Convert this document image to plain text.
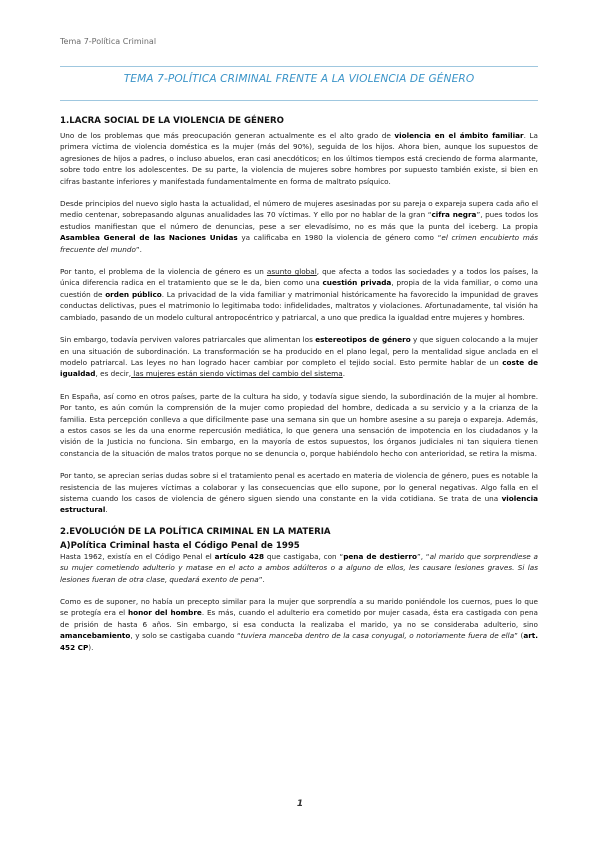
Tema 7-Política Criminal
TEMA 7-POLÍTICA CRIMINAL FRENTE A LA VIOLENCIA DE GÉNERO
1.LACRA SOCIAL DE LA VIOLENCIA DE GÉNERO

Uno de los problemas que más preocupación generan actualmente es el alto grado de violencia en el ámbito familiar. La primera víctima de violencia doméstica es la mujer (más del 90%), seguida de los hijos. Ahora bien, aunque los supuestos de agresiones de hijos a padres, o incluso abuelos, eran casi anecdóticos; en los últimos tiempos está creciendo de forma alarmante, sobre todo entre los adolescentes. De su parte, la violencia de mujeres sobre hombres por supuesto también existe, si bien en cifras bastante inferiores y manifestada fundamentalmente en forma de maltrato psíquico.

Desde principios del nuevo siglo hasta la actualidad, el número de mujeres asesinadas por su pareja o expareja supera cada año el medio centenar, sobrepasando algunas anualidades las 70 víctimas. Y ello por no hablar de la gran “cifra negra”, pues todos los estudios manifiestan que el número de denuncias, pese a ser elevadísimo, no es más que la punta del iceberg. La propia Asamblea General de las Naciones Unidas ya calificaba en 1980 la violencia de género como “el crimen encubierto más frecuente del mundo”.

Por tanto, el problema de la violencia de género es un asunto global, que afecta a todos las sociedades y a todos los países, la única diferencia radica en el tratamiento que se le da, bien como una cuestión privada, propia de la vida familiar, o como una cuestión de orden público. La privacidad de la vida familiar y matrimonial históricamente ha favorecido la impunidad de graves conductas delictivas, pues el matrimonio lo legitimaba todo: infidelidades, maltratos y violaciones. Afortunadamente, tal visión ha cambiado, pasando de un modelo cultural antropocéntrico y patriarcal, a uno que predica la igualdad entre mujeres y hombres.

Sin embargo, todavía perviven valores patriarcales que alimentan los estereotipos de género y que siguen colocando a la mujer en una situación de subordinación. La transformación se ha producido en el plano legal, pero la mentalidad sigue anclada en el modelo patriarcal. Las leyes no han logrado hacer cambiar por completo el tejido social. Esto permite hablar de un coste de igualdad, es decir, las mujeres están siendo víctimas del cambio del sistema.

En España, así como en otros países, parte de la cultura ha sido, y todavía sigue siendo, la subordinación de la mujer al hombre. Por tanto, es aún común la comprensión de la mujer como propiedad del hombre, dedicada a su servicio y a la crianza de la familia. Esta percepción conlleva a que difícilmente pase una semana sin que un hombre asesine a su pareja o expareja. Además, a estos casos se les da una enorme repercusión mediática, lo que genera una sensación de impotencia en los ciudadanos y la visión de la Justicia no funciona. Sin embargo, en la mayoría de estos supuestos, los órganos judiciales ni tan siquiera tienen constancia de la situación de malos tratos porque no se denuncia o, porque habiéndolo hecho con anterioridad, se retira la misma.

Por tanto, se aprecian serias dudas sobre si el tratamiento penal es acertado en materia de violencia de género, pues es notable la resistencia de las mujeres víctimas a colaborar y las consecuencias que ello supone, por lo general negativas. Algo falla en el sistema cuando los casos de violencia de género siguen siendo una constante en la vida cotidiana. Se trata de una violencia estructural.

2.EVOLUCIÓN DE LA POLÍTICA CRIMINAL EN LA MATERIA
A)Política Criminal hasta el Código Penal de 1995

Hasta 1962, existía en el Código Penal el artículo 428 que castigaba, con “pena de destierro”, “al marido que sorprendiese a su mujer cometiendo adulterio y matase en el acto a ambos adúlteros o a alguno de ellos, les causare lesiones graves. Si las lesiones fueran de otra clase, quedará exento de pena”.

Como es de suponer, no había un precepto similar para la mujer que sorprendía a su marido poniéndole los cuernos, pues lo que se protegía era el honor del hombre. Es más, cuando el adulterio era cometido por mujer casada, ésta era castigada con pena de prisión de hasta 6 años. Sin embargo, si esa conducta la realizaba el marido, ya no se consideraba adulterio, sino amancebamiento, y solo se castigaba cuando “tuviera manceba dentro de la casa conyugal, o notoriamente fuera de ella” (art. 452 CP).

1
